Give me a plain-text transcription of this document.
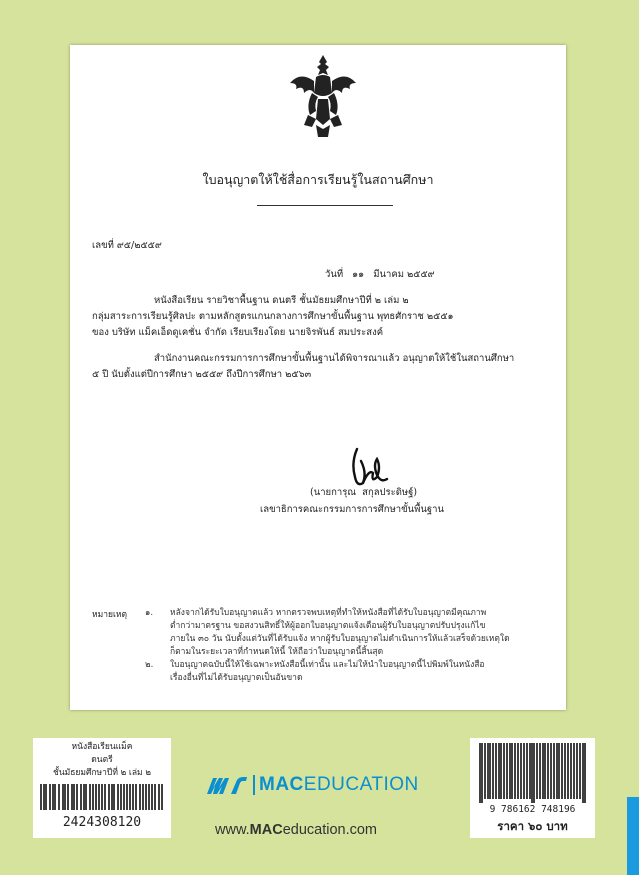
ใบอนุญาตให้ใช้สื่อการเรียนรู้ในสถานศึกษา
เลขที่ ๙๕/๒๕๕๙
วันที่   ๑๑   มีนาคม ๒๕๕๙
หนังสือเรียน รายวิชาพื้นฐาน ดนตรี ชั้นมัธยมศึกษาปีที่ ๒ เล่ม ๒
กลุ่มสาระการเรียนรู้ศิลปะ ตามหลักสูตรแกนกลางการศึกษาขั้นพื้นฐาน พุทธศักราช ๒๕๕๑
ของ บริษัท แม็คเอ็ดดูเคชั่น จำกัด เรียบเรียงโดย นายจิรพันธ์ สมประสงค์
สำนักงานคณะกรรมการการศึกษาขั้นพื้นฐานได้พิจารณาแล้ว อนุญาตให้ใช้ในสถานศึกษา
๕ ปี นับตั้งแต่ปีการศึกษา ๒๕๕๙ ถึงปีการศึกษา ๒๕๖๓
(นายการุณ  สกุลประดิษฐ์)
เลขาธิการคณะกรรมการการศึกษาขั้นพื้นฐาน
หมายเหตุ ๑. หลังจากได้รับใบอนุญาตแล้ว หากตรวจพบเหตุที่ทำให้หนังสือที่ได้รับใบอนุญาตมีคุณภาพ
ต่ำกว่ามาตรฐาน ขอสงวนสิทธิ์ให้ผู้ออกใบอนุญาตแจ้งเตือนผู้รับใบอนุญาตปรับปรุงแก้ไข
ภายใน ๓๐ วัน นับตั้งแต่วันที่ได้รับแจ้ง หากผู้รับใบอนุญาตไม่ดำเนินการให้แล้วเสร็จด้วยเหตุใด
ก็ตามในระยะเวลาที่กำหนดให้นี้ ให้ถือว่าใบอนุญาตนี้สิ้นสุด
๒. ใบอนุญาตฉบับนี้ให้ใช้เฉพาะหนังสือนี้เท่านั้น และไม่ให้นำใบอนุญาตนี้ไปพิมพ์ในหนังสือ
เรื่องอื่นที่ไม่ได้รับอนุญาตเป็นอันขาด
หนังสือเรียนแม็ค
ดนตรี
ชั้นมัธยมศึกษาปีที่ ๒ เล่ม ๒
2424308120
MACEDUCATION
www.MACeducation.com
9 786162 748196
ราคา ๖๐ บาท
